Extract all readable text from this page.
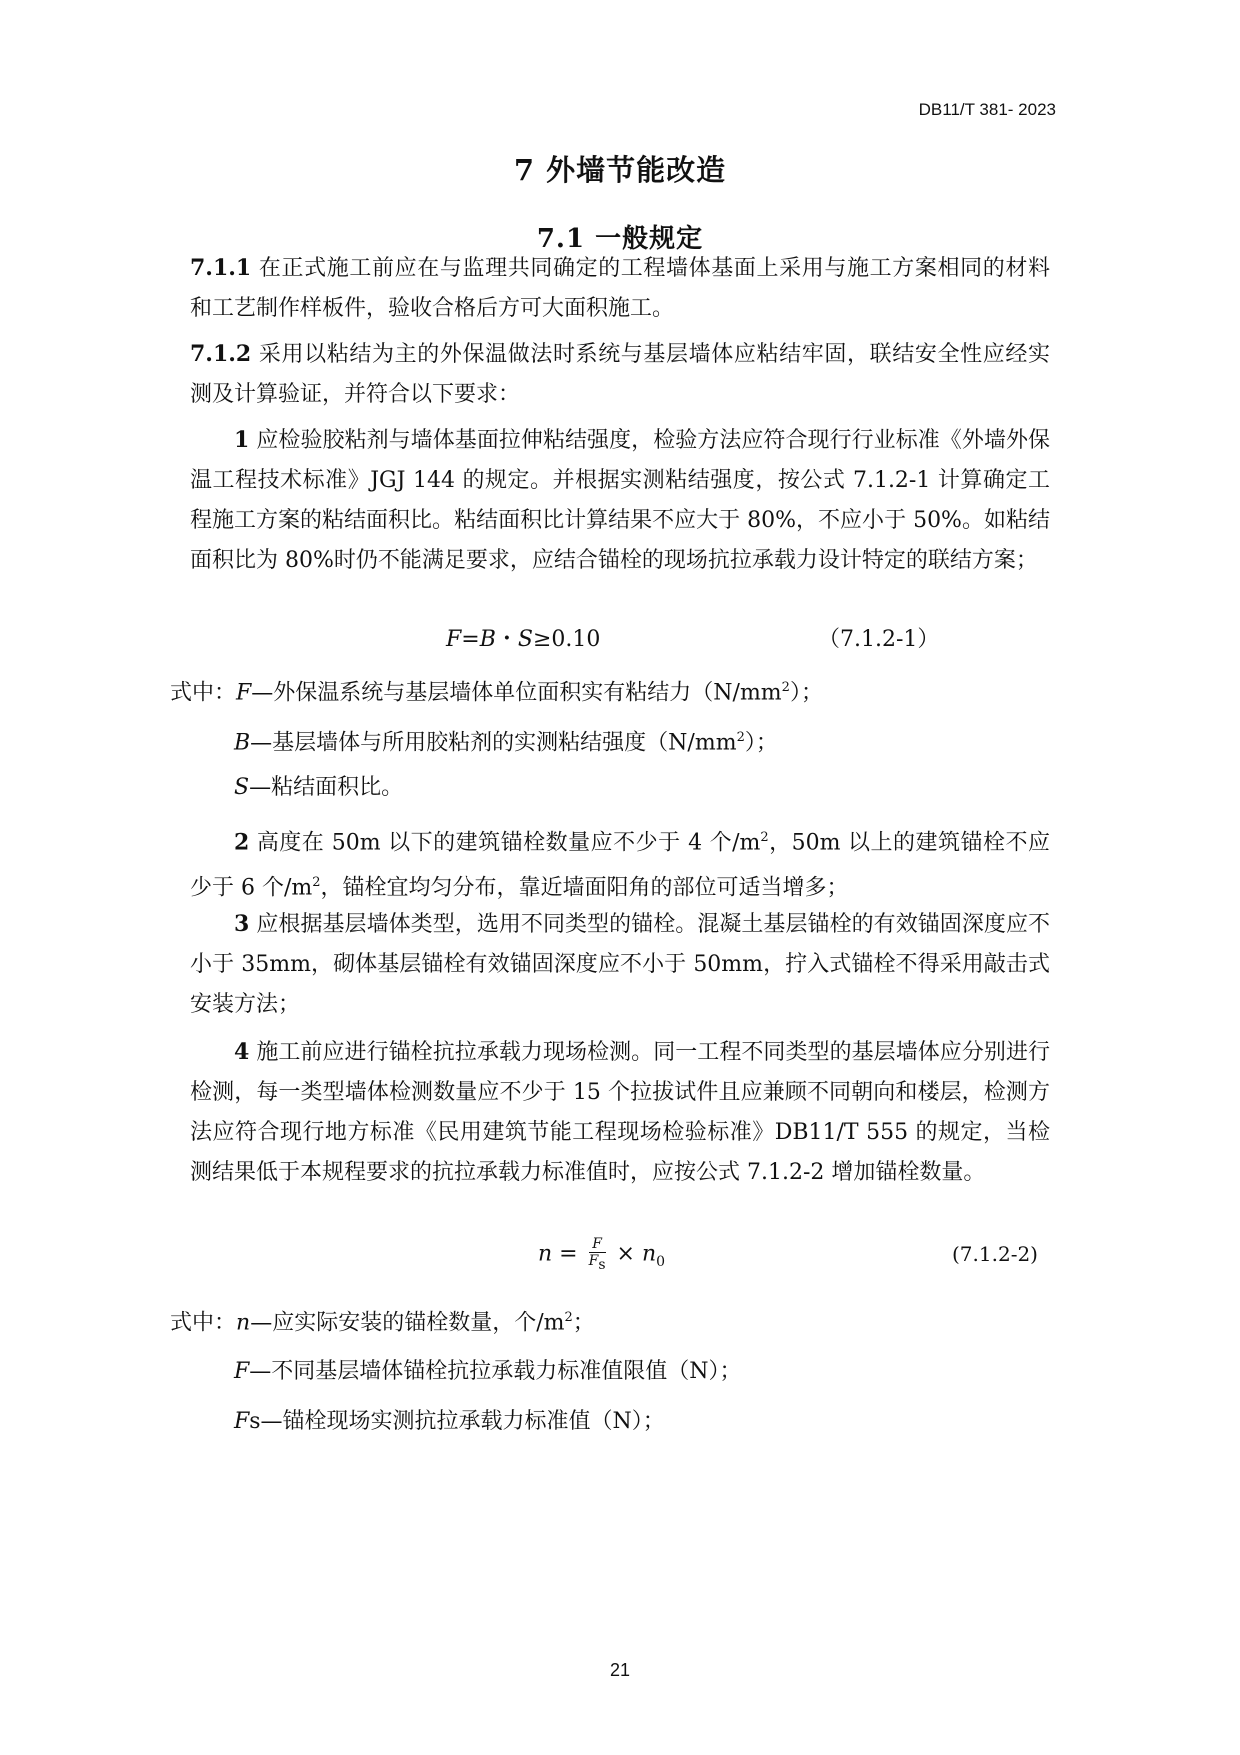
DB11/T 381- 2023
7 外墙节能改造
7.1 一般规定
7.1.1 在正式施工前应在与监理共同确定的工程墙体基面上采用与施工方案相同的材料和工艺制作样板件，验收合格后方可大面积施工。
7.1.2 采用以粘结为主的外保温做法时系统与基层墙体应粘结牢固，联结安全性应经实测及计算验证，并符合以下要求：
1 应检验胶粘剂与墙体基面拉伸粘结强度，检验方法应符合现行行业标准《外墙外保温工程技术标准》JGJ 144 的规定。并根据实测粘结强度，按公式 7.1.2-1 计算确定工程施工方案的粘结面积比。粘结面积比计算结果不应大于 80%，不应小于 50%。如粘结面积比为 80%时仍不能满足要求，应结合锚栓的现场抗拉承载力设计特定的联结方案；
F=B・S≥0.10	（7.1.2-1）
式中：F—外保温系统与基层墙体单位面积实有粘结力$(N/mm^2)$；
B—基层墙体与所用胶粘剂的实测粘结强度$(N/mm^2)$；
S—粘结面积比。
2 高度在 50m 以下的建筑锚栓数量应不少于 4 个$/m^2$，50m 以上的建筑锚栓不应少于 6 个$/m^2$，锚栓宜均匀分布，靠近墙面阳角的部位可适当增多；
3 应根据基层墙体类型，选用不同类型的锚栓。混凝土基层锚栓的有效锚固深度应不小于 35mm，砌体基层锚栓有效锚固深度应不小于 50mm，拧入式锚栓不得采用敲击式安装方法；
4 施工前应进行锚栓抗拉承载力现场检测。同一工程不同类型的基层墙体应分别进行检测，每一类型墙体检测数量应不少于 15 个拉拔试件且应兼顾不同朝向和楼层，检测方法应符合现行地方标准《民用建筑节能工程现场检验标准》DB11/T 555 的规定，当检测结果低于本规程要求的抗拉承载力标准值时，应按公式 7.1.2-2 增加锚栓数量。
$n = \frac{F}{F_s} \times n_0$	(7.1.2-2)
式中：n—应实际安装的锚栓数量，个$/m^2$；
F—不同基层墙体锚栓抗拉承载力标准值限值（N）；
Fs—锚栓现场实测抗拉承载力标准值（N）；
21
